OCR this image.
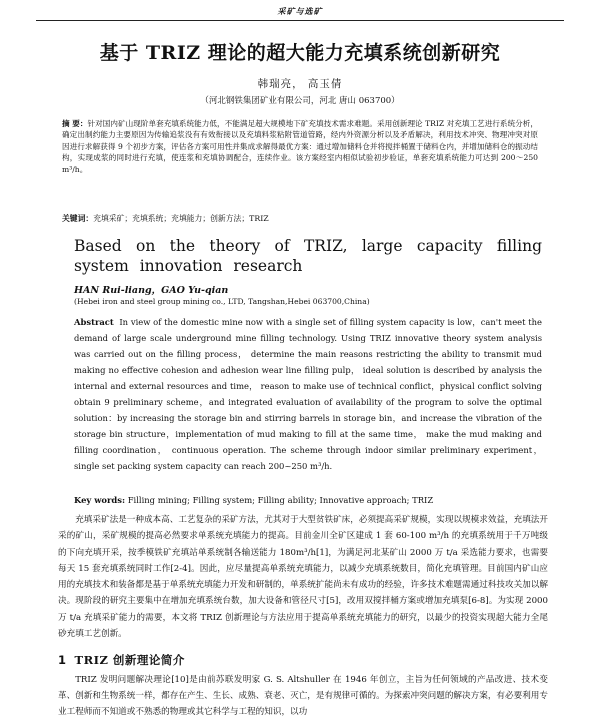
采矿与选矿
基于 TRIZ 理论的超大能力充填系统创新研究
韩瑞亮， 高玉倩
（河北钢铁集团矿业有限公司，河北 唐山 063700）
摘 要：针对国内矿山现阶单套充填系统能力低，不能满足超大规模地下矿充填技术需求难题。采用创新理论 TRIZ 对充填工艺进行系统分析，确定出制约能力主要原因为传输追浆没有有效衔接以及充填料浆粘附管道管路，经内外资源分析以及矛盾解决，利用技术冲突、物理冲突对原因进行求解获得 9 个初步方案，评估各方案可用性并集成求解得最优方案：通过增加储料仓并将搅拌桶置于储料仓内，并增加储料仓的振动结构，实现成浆的同时进行充填，使连浆和充填协调配合，连续作业。该方案经室内相似试验初步验证，单套充填系统能力可达到 200～250 m³/h。
关键词：充填采矿；充填系统；充填能力；创新方法；TRIZ
Based on the theory of TRIZ, large capacity filling system innovation research
HAN Rui-liang，GAO Yu-qian
(Hebei iron and steel group mining co., LTD, Tangshan,Hebei 063700,China)
Abstract In view of the domestic mine now with a single set of filling system capacity is low，can't meet the demand of large scale underground mine filling technology. Using TRIZ innovative theory system analysis was carried out on the filling process， determine the main reasons restricting the ability to transmit mud making no effective cohesion and adhesion wear line filling pulp， ideal solution is described by analysis the internal and external resources and time， reason to make use of technical conflict，physical conflict solving obtain 9 preliminary scheme，and integrated evaluation of availability of the program to solve the optimal solution：by increasing the storage bin and stirring barrels in storage bin，and increase the vibration of the storage bin structure，implementation of mud making to fill at the same time， make the mud making and filling coordination， continuous operation. The scheme through indoor similar preliminary experiment， single set packing system capacity can reach 200~250 m³/h.
Key words: Filling mining; Filling system; Filling ability; Innovative approach; TRIZ
充填采矿法是一种成本高、工艺复杂的采矿方法，尤其对于大型贫铁矿床，必须提高采矿规模，实现以规模求效益，充填法开采的矿山，采矿规模的提高必然要求单系统充填能力的提高。目前金川全矿区建成 1 套 60-100 m³/h 的充填系统用于千万吨级的下向充填开采，按季模铁矿充填站单系统制各输送能力 180m³/h[1]，为满足河北某矿山 2000 万 t/a 采选能力要求，也需要每天 15 套充填系统同时工作[2-4]。因此，应尽量提高单系统充填能力，以减少充填系统数目，简化充填管理。目前国内矿山应用的充填技术和装备都是基于单系统充填能力开发和研制的，单系统扩能尚未有成功的经验，许多技术难题需通过科技攻关加以解决。现阶段的研究主要集中在增加充填系统台数，加大设备和管径尺寸[5]，改用双搅拌桶方案或增加充填泵[6-8]。为实现 2000 万 t/a 充填采矿能力的需要，本文将 TRIZ 创新理论与方法应用于提高单系统充填能力的研究，以最少的投资实现超大能力全尾砂充填工艺创新。
1 TRIZ 创新理论简介
TRIZ 发明问题解决理论[10]是由前苏联发明家 G. S. Altshuller 在 1946 年创立，主旨为任何领域的产品改进、技术变革、创新和生物系统一样，都存在产生、生长、成熟、衰老、灭亡，是有规律可循的。为探索冲突问题的解决方案，有必要利用专业工程师而不知道或不熟悉的物理或其它科学与工程的知识，以功
